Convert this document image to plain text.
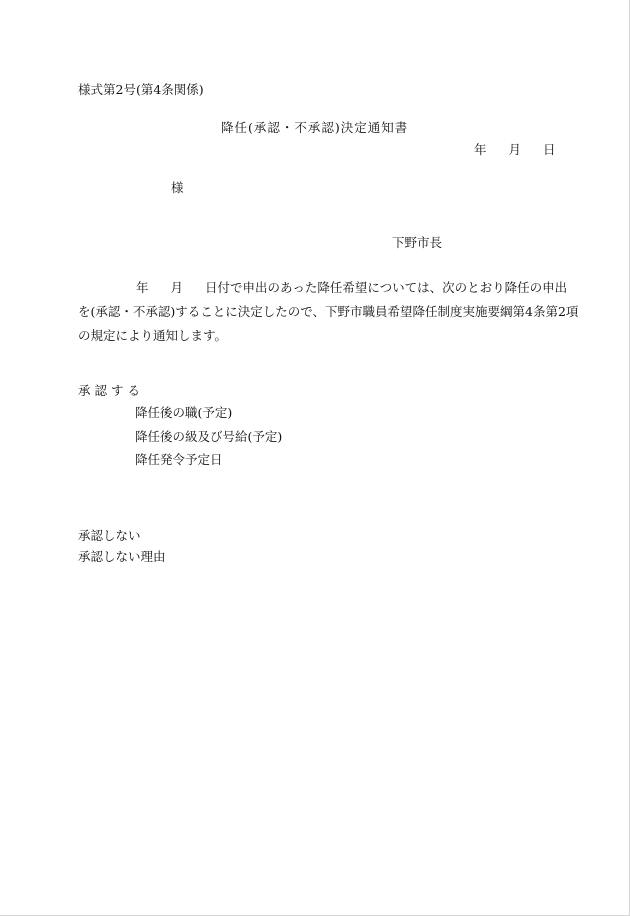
様式第2号(第4条関係)
降任(承認・不承認)決定通知書
年 月 日
様
下野市長
年 月 日付で申出のあった降任希望については、次のとおり降任の申出
を(承認・不承認)することに決定したので、下野市職員希望降任制度実施要綱第4条第2項
の規定により通知します。
承認する
降任後の職(予定)
降任後の級及び号給(予定)
降任発令予定日
承認しない
承認しない理由
